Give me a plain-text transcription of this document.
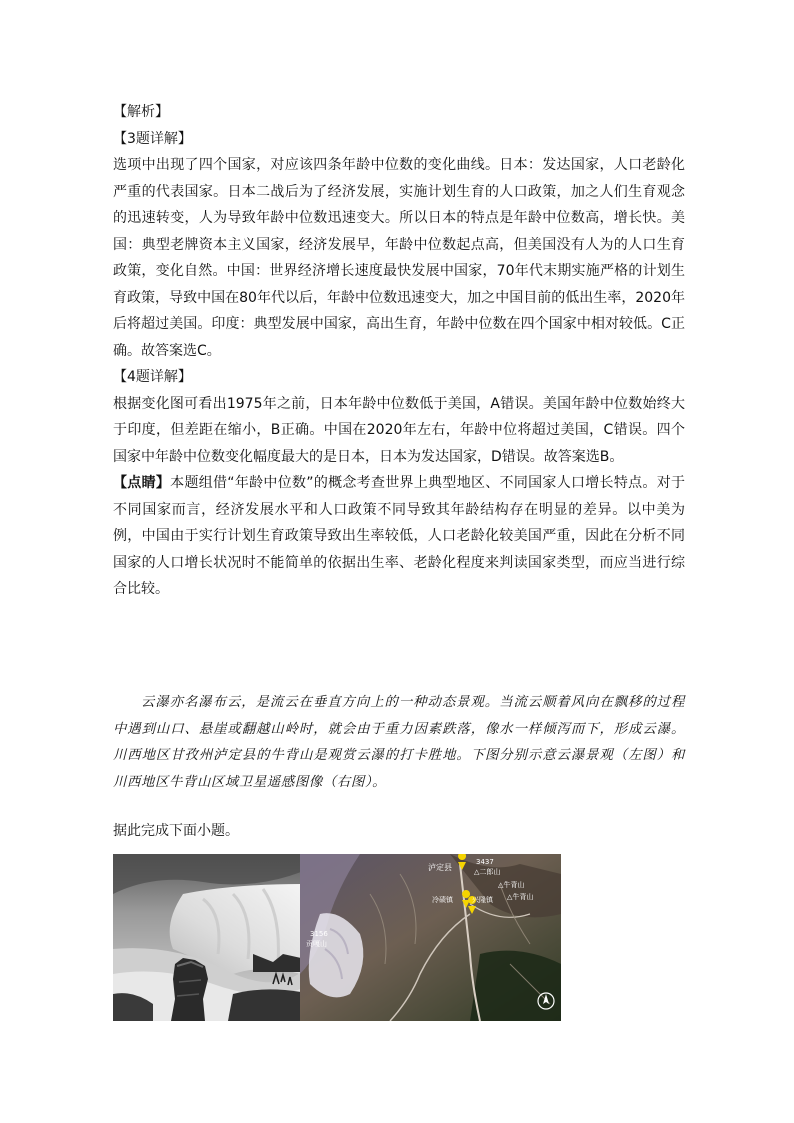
【解析】

【3题详解】

选项中出现了四个国家，对应该四条年龄中位数的变化曲线。日本：发达国家，人口老龄化严重的代表国家。日本二战后为了经济发展，实施计划生育的人口政策，加之人们生育观念的迅速转变，人为导致年龄中位数迅速变大。所以日本的特点是年龄中位数高，增长快。美国：典型老牌资本主义国家，经济发展早，年龄中位数起点高，但美国没有人为的人口生育政策，变化自然。中国：世界经济增长速度最快发展中国家，70年代末期实施严格的计划生育政策，导致中国在80年代以后，年龄中位数迅速变大，加之中国目前的低出生率，2020年后将超过美国。印度：典型发展中国家，高出生育，年龄中位数在四个国家中相对较低。C正确。故答案选C。

【4题详解】

根据变化图可看出1975年之前，日本年龄中位数低于美国，A错误。美国年龄中位数始终大于印度，但差距在缩小，B正确。中国在2020年左右，年龄中位将超过美国，C错误。四个国家中年龄中位数变化幅度最大的是日本，日本为发达国家，D错误。故答案选B。

【点睛】本题组借“年龄中位数”的概念考查世界上典型地区、不同国家人口增长特点。对于不同国家而言，经济发展水平和人口政策不同导致其年龄结构存在明显的差异。以中美为例，中国由于实行计划生育政策导致出生率较低，人口老龄化较美国严重，因此在分析不同国家的人口增长状况时不能简单的依据出生率、老龄化程度来判读国家类型，而应当进行综合比较。

云瀑亦名瀑布云，是流云在垂直方向上的一种动态景观。当流云顺着风向在飘移的过程中遇到山口、悬崖或翻越山岭时，就会由于重力因素跌落，像水一样倾泻而下，形成云瀑。川西地区甘孜州泸定县的牛背山是观赏云瀑的打卡胜地。下图分别示意云瀑景观（左图）和川西地区牛背山区域卫星遥感图像（右图）。

据此完成下面小题。

泸定县
3437
△二郎山
△牛背山
冷碛镇	兴隆镇 △牛背山
3156
贡嘎山
